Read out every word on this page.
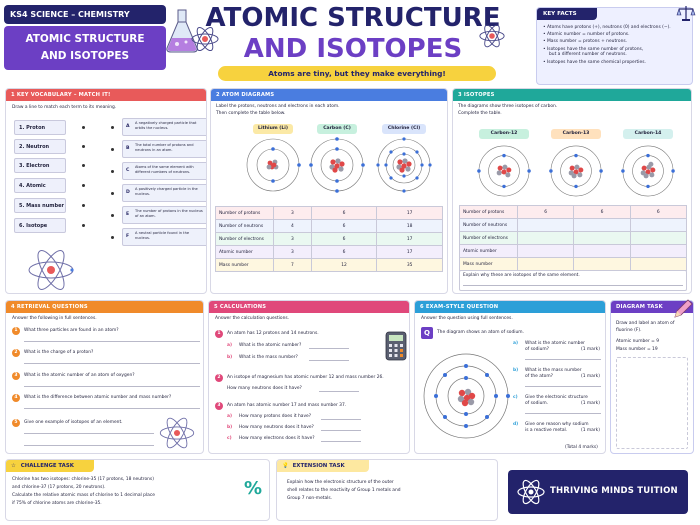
KS4 SCIENCE – CHEMISTRY
ATOMIC STRUCTURE
AND ISOTOPES
ATOMIC STRUCTURE
AND ISOTOPES
Atoms are tiny, but they make everything!
KEY FACTS
• Atoms have protons (+), neutrons (0) and electrons (−).
• Atomic number = number of protons.
• Mass number = protons + neutrons.
• Isotopes have the same number of protons,
but a different number of neutrons.
• Isotopes have the same chemical properties.
1 KEY VOCABULARY – MATCH IT!
Draw a line to match each term to its meaning.
1. Proton
2. Neutron
3. Electron
4. Atomic
5. Mass number
6. Isotope
A
A negatively charged particle that orbits the nucleus.
B
The total number of protons and neutrons in an atom.
C
Atoms of the same element with different numbers of neutrons.
D
A positively charged particle in the nucleus.
E
The number of protons in the nucleus of an atom.
F
A neutral particle found in the nucleus.
2 ATOM DIAGRAMS
Label the protons, neutrons and electrons in each atom.
Then complete the table below.
Lithium (Li)	Carbon (C)	Chlorine (Cl)
Number of protons	3	6	17
Number of neutrons	4	6	18
Number of electrons	3	6	17
Atomic number	3	6	17
Mass number	7	12	35
3 ISOTOPES
The diagrams show three isotopes of carbon.
Complete the table.
Carbon-12	Carbon-13	Carbon-14
Number of protons	6	6	6
Number of neutrons			
Number of electrons			
Atomic number			
Mass number			
Explain why these are isotopes of the same element.
4 RETRIEVAL QUESTIONS
Answer the following in full sentences.
1	What three particles are found in an atom?
2	What is the charge of a proton?
3	What is the atomic number of an atom of oxygen?
4	What is the difference between atomic number and mass number?
5	Give one example of isotopes of an element.
5 CALCULATIONS
Answer the calculation questions.
1	An atom has 12 protons and 14 neutrons.
a) What is the atomic number?
b) What is the mass number?
2	An isotope of magnesium has atomic number 12 and mass number 26.
How many neutrons does it have?
3	An atom has atomic number 17 and mass number 37.
a) How many protons does it have?
b) How many neutrons does it have?
c) How many electrons does it have?
6 EXAM-STYLE QUESTION
Answer the question using full sentences.
Q	The diagram shows an atom of sodium.
a) What is the atomic number
of sodium?	(1 mark)
b) What is the mass number
of the atom?	(1 mark)
c) Give the electronic structure
of sodium.	(1 mark)
d) Give one reason why sodium
is a reactive metal.	(1 mark)
(Total 4 marks)
DIAGRAM TASK
Draw and label an atom of
fluorine (F).
Atomic number = 9
Mass number = 19
☆ CHALLENGE TASK
Chlorine has two isotopes: chlorine-35 (17 protons, 18 neutrons)
and chlorine-37 (17 protons, 20 neutrons).
Calculate the relative atomic mass of chlorine to 1 decimal place
if 75% of chlorine atoms are chlorine-35.
%
💡 EXTENSION TASK
Explain how the electronic structure of the outer
shell relates to the reactivity of Group 1 metals and
Group 7 non-metals.
THRIVING MINDS TUITION
